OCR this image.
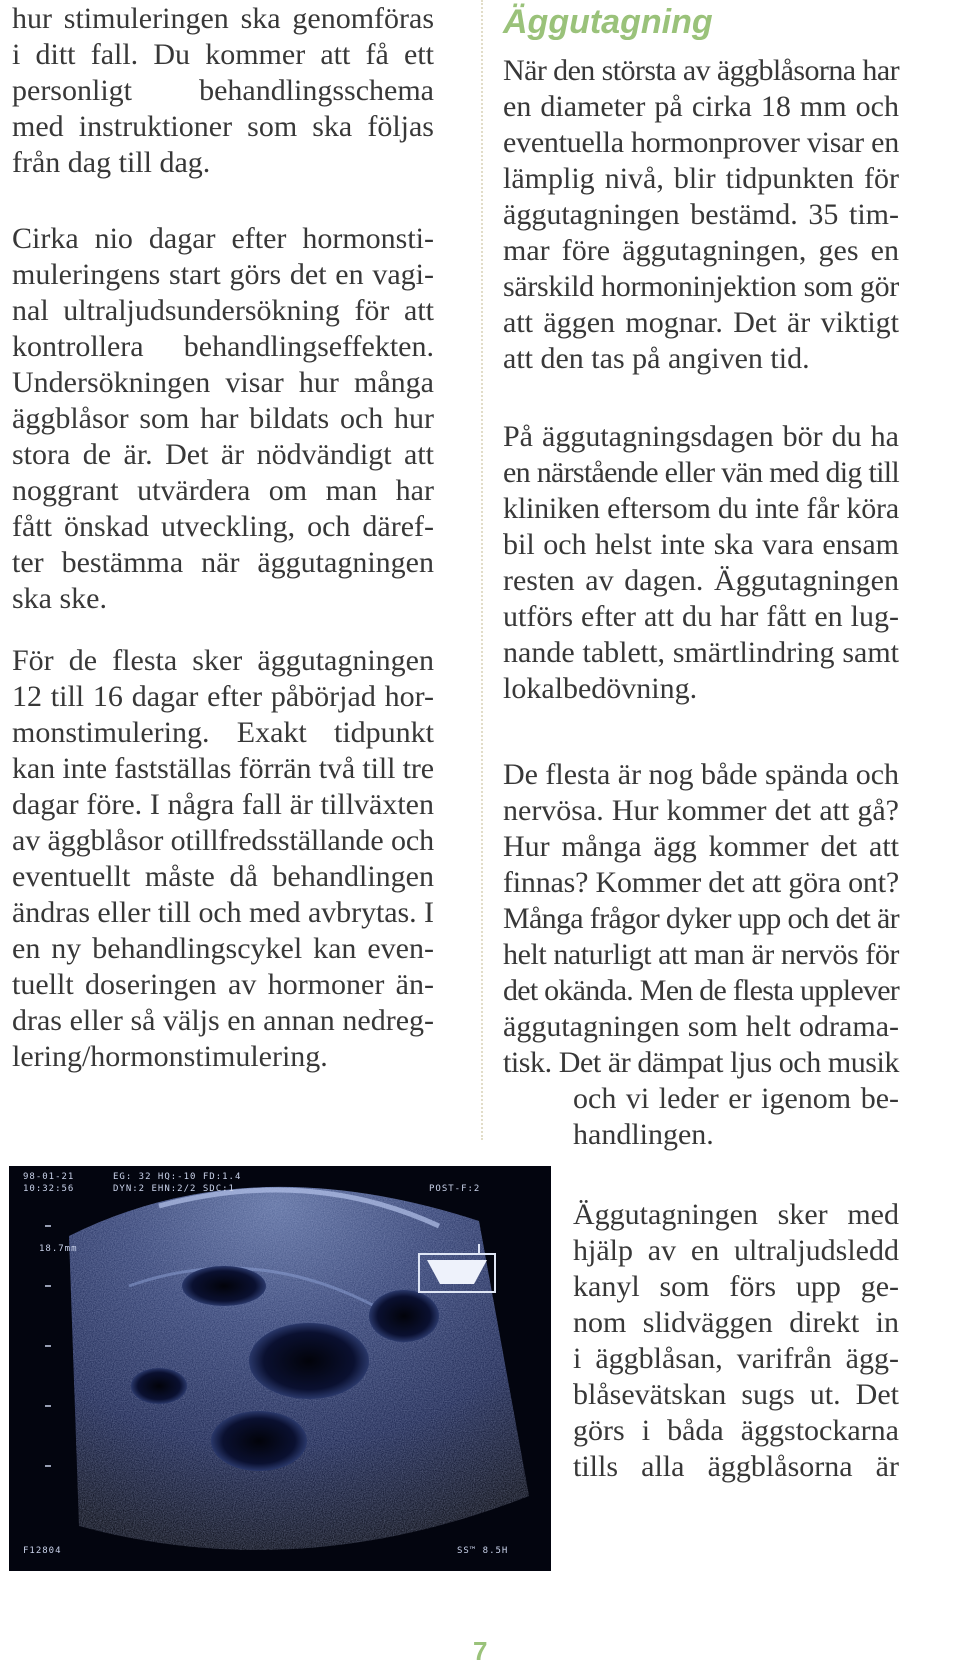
hur stimuleringen ska genomföras
i ditt fall. Du kommer att få ett
personligt behandlingsschema
med instruktioner som ska följas
från dag till dag.
Cirka nio dagar efter hormonsti-
muleringens start görs det en vagi-
nal ultraljudsundersökning för att
kontrollera behandlingseffekten.
Undersökningen visar hur många
äggblåsor som har bildats och hur
stora de är. Det är nödvändigt att
noggrant utvärdera om man har
fått önskad utveckling, och däref-
ter bestämma när äggutagningen
ska ske.
För de flesta sker äggutagningen
12 till 16 dagar efter påbörjad hor-
monstimulering. Exakt tidpunkt
kan inte fastställas förrän två till tre
dagar före. I några fall är tillväxten
av äggblåsor otillfredsställande och
eventuellt måste då behandlingen
ändras eller till och med avbrytas. I
en ny behandlingscykel kan even-
tuellt doseringen av hormoner än-
dras eller så väljs en annan nedreg-
lering/hormonstimulering.
Äggutagning
När den största av äggblåsorna har
en diameter på cirka 18 mm och
eventuella hormonprover visar en
lämplig nivå, blir tidpunkten för
äggutagningen bestämd. 35 tim-
mar före äggutagningen, ges en
särskild hormoninjektion som gör
att äggen mognar. Det är viktigt
att den tas på angiven tid.
På äggutagningsdagen bör du ha
en närstående eller vän med dig till
kliniken eftersom du inte får köra
bil och helst inte ska vara ensam
resten av dagen. Äggutagningen
utförs efter att du har fått en lug-
nande tablett, smärtlindring samt
lokalbedövning.
De flesta är nog både spända och
nervösa. Hur kommer det att gå?
Hur många ägg kommer det att
finnas? Kommer det att göra ont?
Många frågor dyker upp och det är
helt naturligt att man är nervös för
det okända. Men de flesta upplever
äggutagningen som helt odrama-
tisk. Det är dämpat ljus och musik
och vi leder er igenom be-
handlingen.
Äggutagningen sker med
hjälp av en ultraljudsledd
kanyl som förs upp ge-
nom slidväggen direkt in
i äggblåsan, varifrån ägg-
blåsevätskan sugs ut. Det
görs i båda äggstockarna
tills alla äggblåsorna är
98-01-21
10:32:56
EG: 32 HQ:-10 FD:1.4
DYN:2 EHN:2/2 SDC:1	POST-F:2
18.7mm
F12804	SS™ 8.5H
7
